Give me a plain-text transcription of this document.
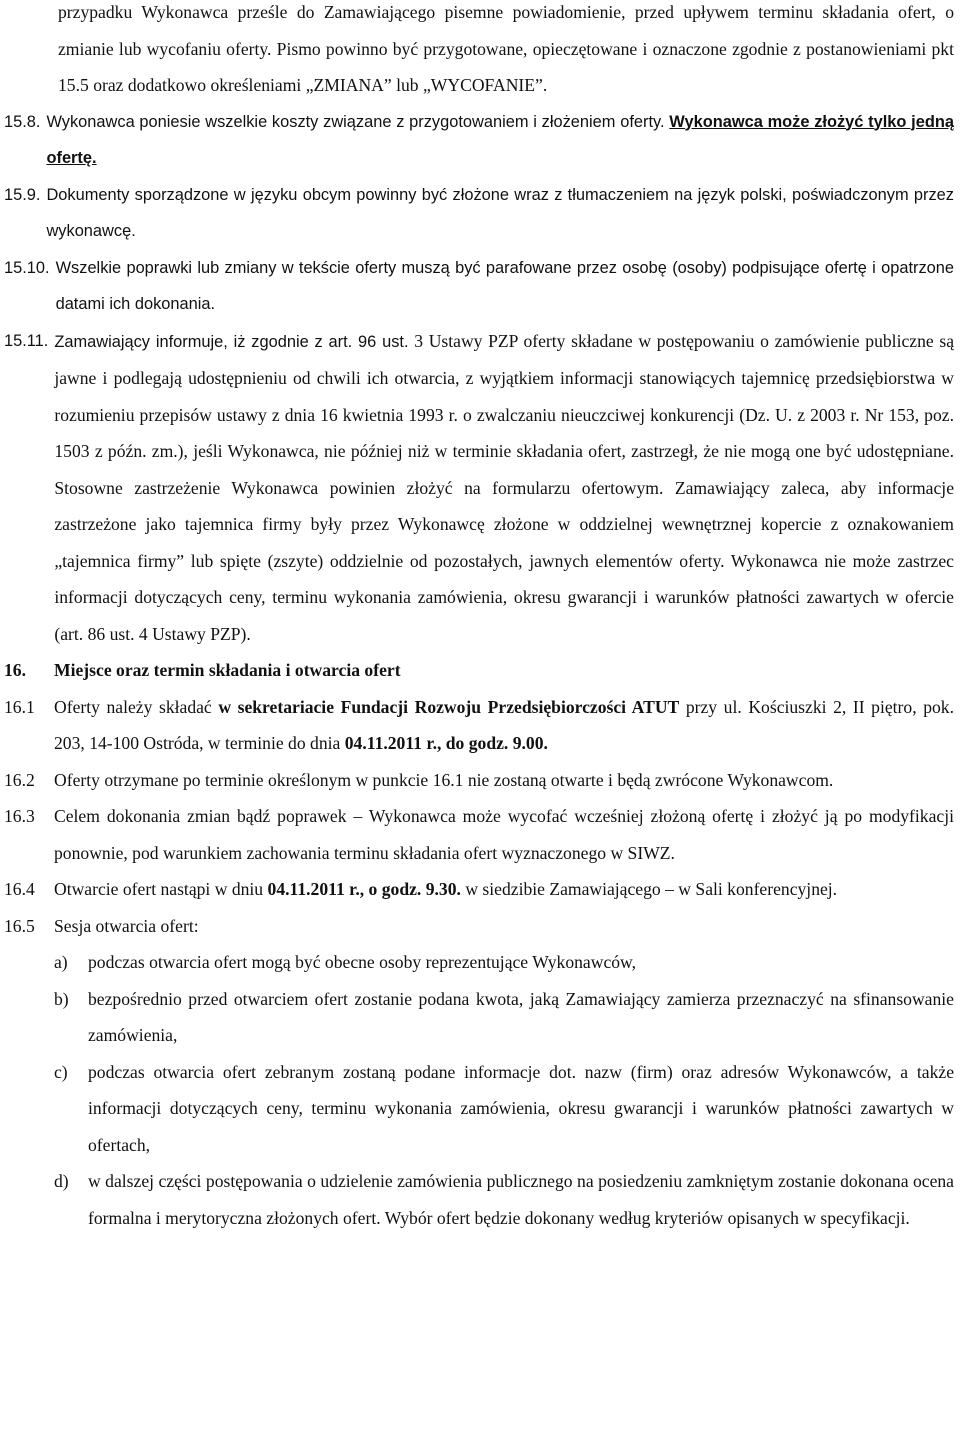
przypadku Wykonawca prześle do Zamawiającego pisemne powiadomienie, przed upływem terminu składania ofert, o zmianie lub wycofaniu oferty. Pismo powinno być przygotowane, opieczętowane i oznaczone zgodnie z postanowieniami pkt 15.5 oraz dodatkowo określeniami „ZMIANA” lub „WYCOFANIE”.
15.8. Wykonawca poniesie wszelkie koszty związane z przygotowaniem i złożeniem oferty. Wykonawca może złożyć tylko jedną ofertę.
15.9. Dokumenty sporządzone w języku obcym powinny być złożone wraz z tłumaczeniem na język polski, poświadczonym przez wykonawcę.
15.10. Wszelkie poprawki lub zmiany w tekście oferty muszą być parafowane przez osobę (osoby) podpisujące ofertę i opatrzone datami ich dokonania.
15.11. Zamawiający informuje, iż zgodnie z art. 96 ust. 3 Ustawy PZP oferty składane w postępowaniu o zamówienie publiczne są jawne i podlegają udostępnieniu od chwili ich otwarcia, z wyjątkiem informacji stanowiących tajemnicę przedsiębiorstwa w rozumieniu przepisów ustawy z dnia 16 kwietnia 1993 r. o zwalczaniu nieuczciwej konkurencji (Dz. U. z 2003 r. Nr 153, poz. 1503 z późn. zm.), jeśli Wykonawca, nie później niż w terminie składania ofert, zastrzegł, że nie mogą one być udostępniane. Stosowne zastrzeżenie Wykonawca powinien złożyć na formularzu ofertowym. Zamawiający zaleca, aby informacje zastrzeżone jako tajemnica firmy były przez Wykonawcę złożone w oddzielnej wewnętrznej kopercie z oznakowaniem „tajemnica firmy” lub spięte (zszyte) oddzielnie od pozostałych, jawnych elementów oferty. Wykonawca nie może zastrzec informacji dotyczących ceny, terminu wykonania zamówienia, okresu gwarancji i warunków płatności zawartych w ofercie (art. 86 ust. 4 Ustawy PZP).
16.	Miejsce oraz termin składania i otwarcia ofert
16.1	Oferty należy składać w sekretariacie Fundacji Rozwoju Przedsiębiorczości ATUT przy ul. Kościuszki 2, II piętro, pok. 203, 14-100 Ostróda, w terminie do dnia 04.11.2011 r., do godz. 9.00.
16.2	Oferty otrzymane po terminie określonym w punkcie 16.1 nie zostaną otwarte i będą zwrócone Wykonawcom.
16.3	Celem dokonania zmian bądź poprawek – Wykonawca może wycofać wcześniej złożoną ofertę i złożyć ją po modyfikacji ponownie, pod warunkiem zachowania terminu składania ofert wyznaczonego w SIWZ.
16.4	Otwarcie ofert nastąpi w dniu 04.11.2011 r., o godz. 9.30. w siedzibie Zamawiającego – w Sali konferencyjnej.
16.5	Sesja otwarcia ofert:
a)	podczas otwarcia ofert mogą być obecne osoby reprezentujące Wykonawców,
b)	bezpośrednio przed otwarciem ofert zostanie podana kwota, jaką Zamawiający zamierza przeznaczyć na sfinansowanie zamówienia,
c)	podczas otwarcia ofert zebranym zostaną podane informacje dot. nazw (firm) oraz adresów Wykonawców, a także informacji dotyczących ceny, terminu wykonania zamówienia, okresu gwarancji i warunków płatności zawartych w ofertach,
d)	w dalszej części postępowania o udzielenie zamówienia publicznego na posiedzeniu zamkniętym zostanie dokonana ocena formalna i merytoryczna złożonych ofert. Wybór ofert będzie dokonany według kryteriów opisanych w specyfikacji.
